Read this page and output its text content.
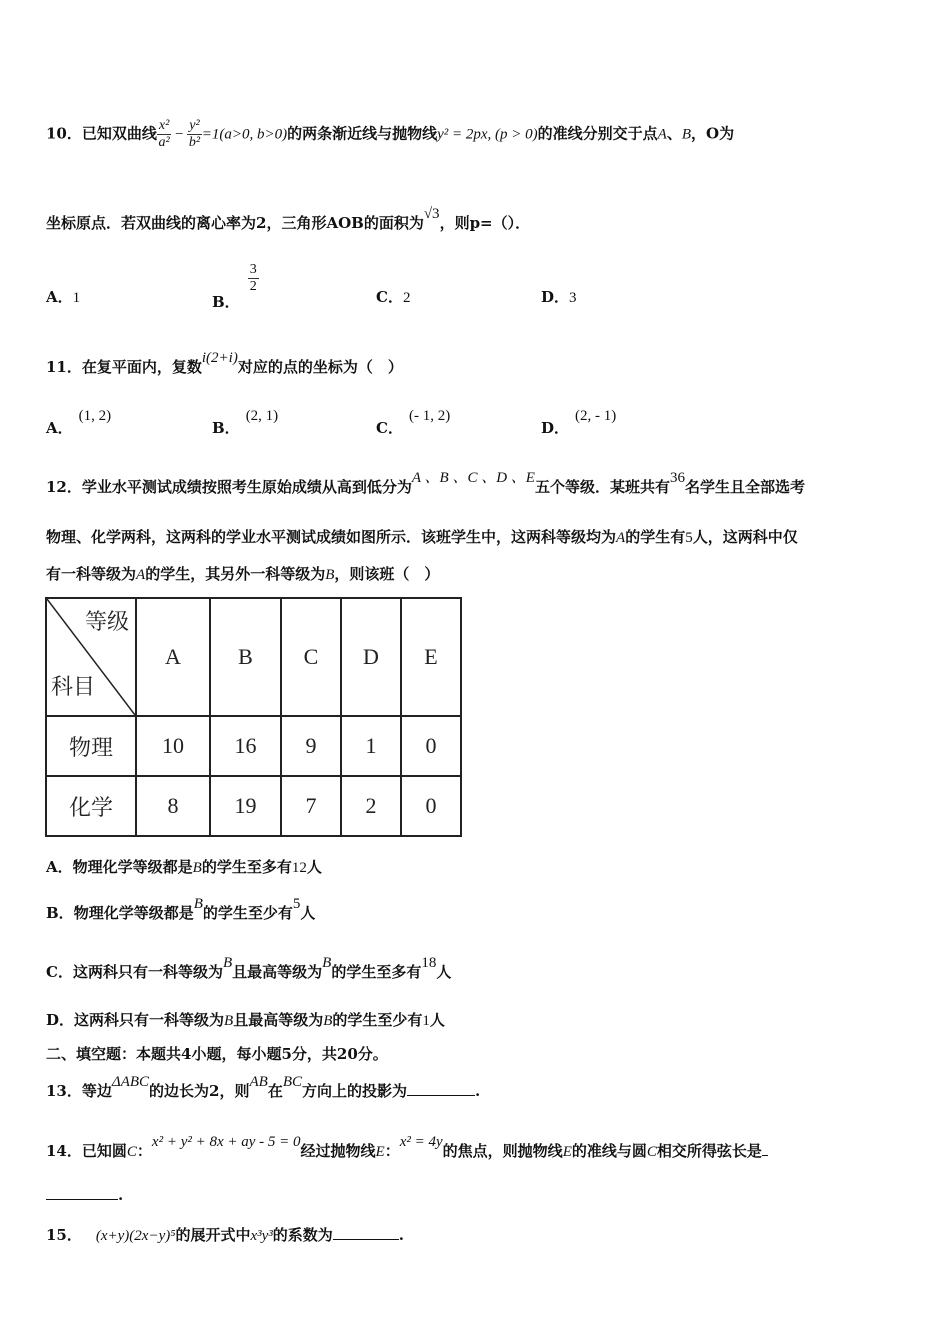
10．已知双曲线 $\frac{\text{x²}}{\text{a²}} - \frac{\text{y²}}{\text{b²}} =1(a>0$, b>0)的两条渐近线与抛物线y² = 2px, (p > 0)的准线分别交于点A、B，O为
坐标原点．若双曲线的离心率为2，三角形AOB的面积为√3，则p=（）．
A．1	B．
$\frac{3}{2}$
C．2	D．3
11．在复平面内，复数i(2+i)对应的点的坐标为（　）
A．(1, 2)
B．(2, 1)
C．(- 1, 2)
D．(2, - 1)
12．学业水平测试成绩按照考生原始成绩从高到低分为A 、B 、C 、D 、E五个等级．某班共有36名学生且全部选考
物理、化学两科，这两科的学业水平测试成绩如图所示．该班学生中，这两科等级均为A的学生有5人，这两科中仅
有一科等级为A的学生，其另外一科等级为B，则该班（　）
等级
科目	A	B	C	D	E
物理	10	16	9	1	0
化学	8	19	7	2	0
A．物理化学等级都是B的学生至多有12人
B．物理化学等级都是B的学生至少有5人
C．这两科只有一科等级为B且最高等级为B的学生至多有18人
D．这两科只有一科等级为B且最高等级为B的学生至少有1人
二、填空题：本题共4小题，每小题5分，共20分。
13．等边ΔABC的边长为2，则AB在BC方向上的投影为	.
14．已知圆C：x² + y² + 8x + ay - 5 = 0经过抛物线E：x² = 4y的焦点，则抛物线E的准线与圆C相交所得弦长是
.
15． (x+y)(2x−y)⁵的展开式中x³y³的系数为	.
